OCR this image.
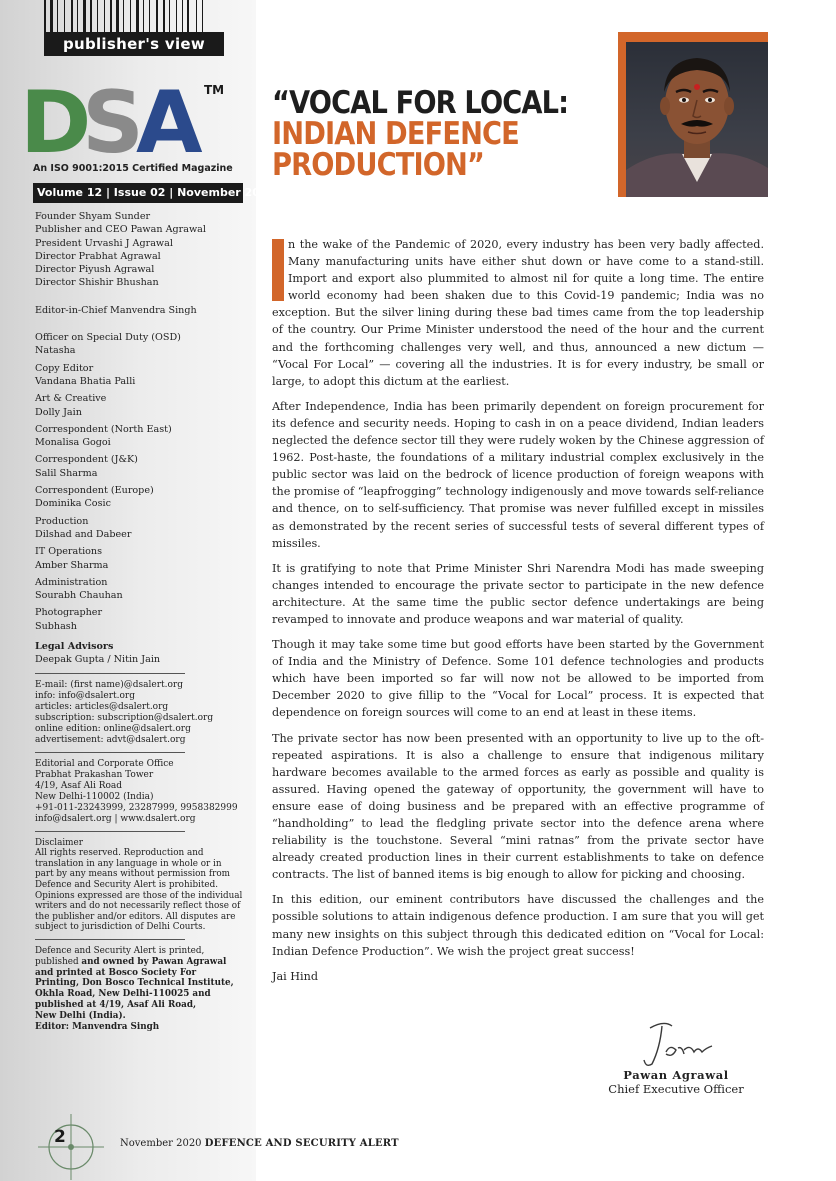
publisher's view
D
S
A TM
An ISO 9001:2015 Certified Magazine
Volume 12 | Issue 02 | November 2020
Founder Shyam Sunder
Publisher and CEO Pawan Agrawal
President Urvashi J Agrawal
Director Prabhat Agrawal
Director Piyush Agrawal
Director Shishir Bhushan
Editor-in-Chief Manvendra Singh
Officer on Special Duty (OSD)
Natasha
Copy Editor
Vandana Bhatia Palli
Art & Creative
Dolly Jain
Correspondent (North East)
Monalisa Gogoi
Correspondent (J&K)
Salil Sharma
Correspondent (Europe)
Dominika Cosic
Production
Dilshad and Dabeer
IT Operations
Amber Sharma
Administration
Sourabh Chauhan
Photographer
Subhash
Legal Advisors
Deepak Gupta / Nitin Jain
E-mail: (first name)@dsalert.org
info: info@dsalert.org
articles: articles@dsalert.org
subscription: subscription@dsalert.org
online edition: online@dsalert.org
advertisement: advt@dsalert.org
Editorial and Corporate Office
Prabhat Prakashan Tower
4/19, Asaf Ali Road
New Delhi-110002 (India)
+91-011-23243999, 23287999, 9958382999
info@dsalert.org | www.dsalert.org
Disclaimer
All rights reserved. Reproduction and
translation in any language in whole or in
part by any means without permission from
Defence and Security Alert is prohibited.
Opinions expressed are those of the individual
writers and do not necessarily reflect those of
the publisher and/or editors. All disputes are
subject to jurisdiction of Delhi Courts.
Defence and Security Alert is printed,
published and owned by Pawan Agrawal
and printed at Bosco Society For
Printing, Don Bosco Technical Institute,
Okhla Road, New Delhi-110025 and
published at 4/19, Asaf Ali Road,
New Delhi (India).
Editor: Manvendra Singh
2	November 2020 DEFENCE AND SECURITY ALERT
“VOCAL FOR LOCAL:
INDIAN DEFENCE
PRODUCTION”

n the wake of the Pandemic of 2020, every industry has been very badly affected. Many manufacturing units have either shut down or have come to a stand-still. Import and export also plummited to almost nil for quite a long time. The entire world economy had been shaken due to this Covid-19 pandemic; India was no exception. But the silver lining during these bad times came from the top leadership of the country. Our Prime Minister understood the need of the hour and the current and the forthcoming challenges very well, and thus, announced a new dictum — “Vocal For Local” — covering all the industries. It is for every industry, be small or large, to adopt this dictum at the earliest.

After Independence, India has been primarily dependent on foreign procurement for its defence and security needs. Hoping to cash in on a peace dividend, Indian leaders neglected the defence sector till they were rudely woken by the Chinese aggression of 1962. Post-haste, the foundations of a military industrial complex exclusively in the public sector was laid on the bedrock of licence production of foreign weapons with the promise of “leapfrogging” technology indigenously and move towards self-reliance and thence, on to self-sufficiency. That promise was never fulfilled except in missiles as demonstrated by the recent series of successful tests of several different types of missiles.

It is gratifying to note that Prime Minister Shri Narendra Modi has made sweeping changes intended to encourage the private sector to participate in the new defence architecture. At the same time the public sector defence undertakings are being revamped to innovate and produce weapons and war material of quality.

Though it may take some time but good efforts have been started by the Government of India and the Ministry of Defence. Some 101 defence technologies and products which have been imported so far will now not be allowed to be imported from December 2020 to give fillip to the “Vocal for Local” process. It is expected that dependence on foreign sources will come to an end at least in these items.

The private sector has now been presented with an opportunity to live up to the oft-repeated aspirations. It is also a challenge to ensure that indigenous military hardware becomes available to the armed forces as early as possible and quality is assured. Having opened the gateway of opportunity, the government will have to ensure ease of doing business and be prepared with an effective programme of “handholding” to lead the fledgling private sector into the defence arena where reliability is the touchstone. Several “mini ratnas” from the private sector have already created production lines in their current establishments to take on defence contracts. The list of banned items is big enough to allow for picking and choosing.

In this edition, our eminent contributors have discussed the challenges and the possible solutions to attain indigenous defence production. I am sure that you will get many new insights on this subject through this dedicated edition on “Vocal for Local: Indian Defence Production”. We wish the project great success!

Jai Hind

Pawan Agrawal
Chief Executive Officer
